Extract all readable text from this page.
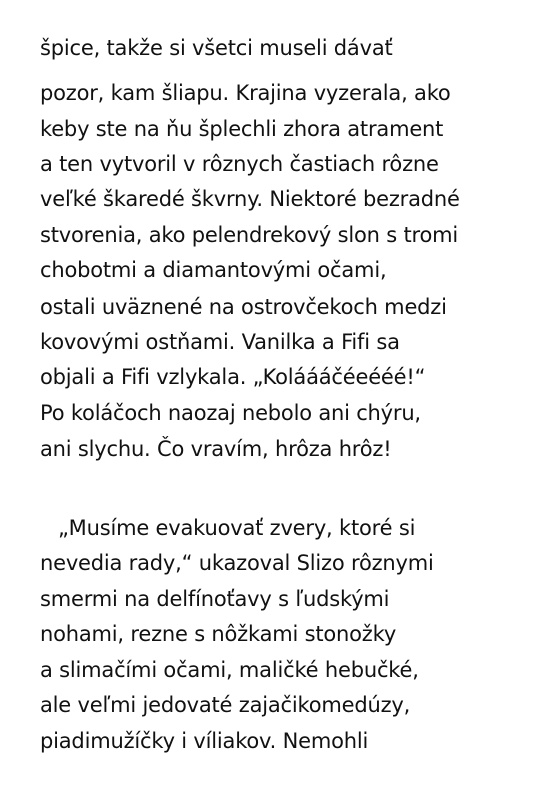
špice, takže si všetci museli dávať
pozor, kam šliapu. Krajina vyzerala, ako
keby ste na ňu šplechli zhora atrament
a ten vytvoril v rôznych častiach rôzne
veľké škaredé škvrny. Niektoré bezradné
stvorenia, ako pelendrekový slon s tromi
chobotmi a diamantovými očami,
ostali uväznené na ostrovčekoch medzi
kovovými ostňami. Vanilka a Fifi sa
objali a Fifi vzlykala. „Koláááčéeééé!“
Po koláčoch naozaj nebolo ani chýru,
ani slychu. Čo vravím, hrôza hrôz!
„Musíme evakuovať zvery, ktoré si
nevedia rady,“ ukazoval Slizo rôznymi
smermi na delfínoťavy s ľudskými
nohami, rezne s nôžkami stonožky
a slimačími očami, maličké hebučké,
ale veľmi jedovaté zajačikomedúzy,
piadimužíčky i víliakov. Nemohli
